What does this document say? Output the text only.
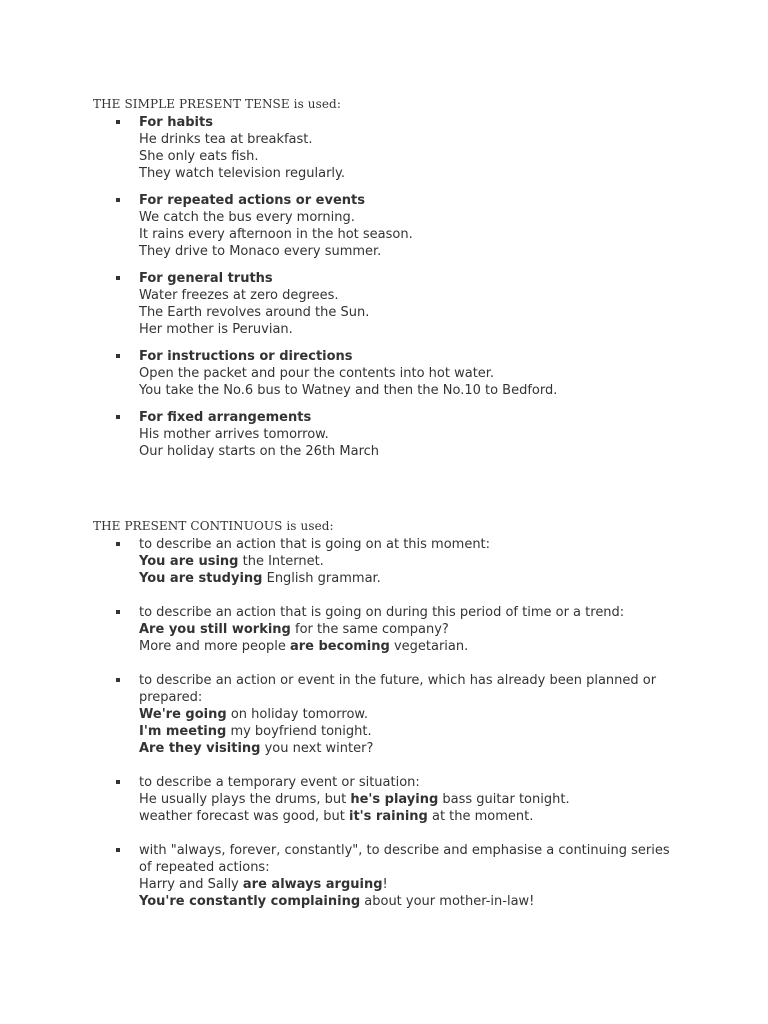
THE SIMPLE PRESENT TENSE is used:
For habits
He drinks tea at breakfast.
She only eats fish.
They watch television regularly.
For repeated actions or events
We catch the bus every morning.
It rains every afternoon in the hot season.
They drive to Monaco every summer.
For general truths
Water freezes at zero degrees.
The Earth revolves around the Sun.
Her mother is Peruvian.
For instructions or directions
Open the packet and pour the contents into hot water.
You take the No.6 bus to Watney and then the No.10 to Bedford.
For fixed arrangements
His mother arrives tomorrow.
Our holiday starts on the 26th March
THE PRESENT CONTINUOUS is used:
to describe an action that is going on at this moment:
You are using the Internet.
You are studying English grammar.
to describe an action that is going on during this period of time or a trend:
Are you still working for the same company?
More and more people are becoming vegetarian.
to describe an action or event in the future, which has already been planned or prepared:
We're going on holiday tomorrow.
I'm meeting my boyfriend tonight.
Are they visiting you next winter?
to describe a temporary event or situation:
He usually plays the drums, but he's playing bass guitar tonight.
weather forecast was good, but it's raining at the moment.
with "always, forever, constantly", to describe and emphasise a continuing series of repeated actions:
Harry and Sally are always arguing!
You're constantly complaining about your mother-in-law!
